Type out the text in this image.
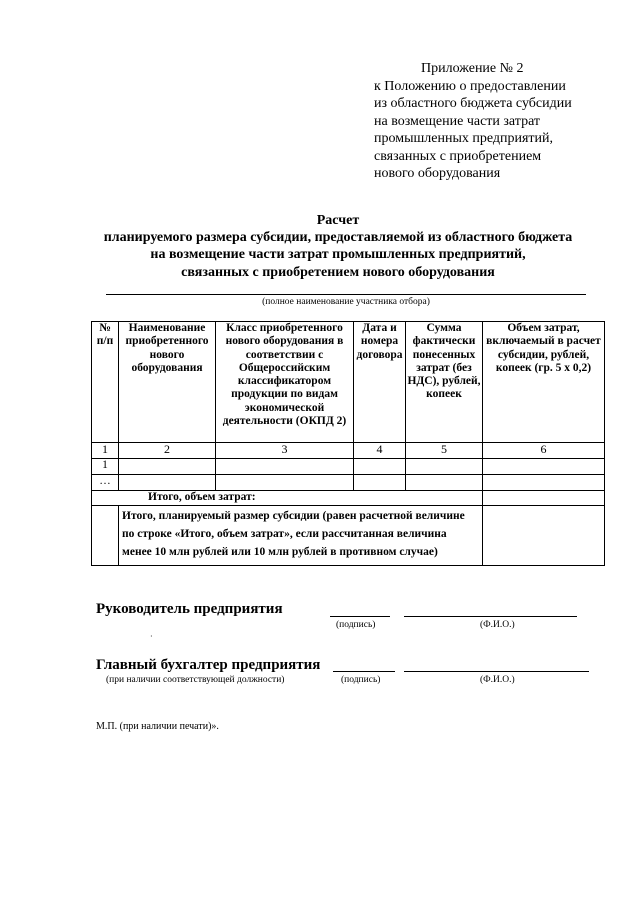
Приложение № 2
к Положению о предоставлении
из областного бюджета субсидии
на возмещение части затрат
промышленных предприятий,
связанных с приобретением
нового оборудования
Расчет
планируемого размера субсидии, предоставляемой из областного бюджета
на возмещение части затрат промышленных предприятий,
связанных с приобретением нового оборудования
(полное наименование участника отбора)
№ п/п	Наименование приобретенного нового оборудования	Класс приобретенного нового оборудования в соответствии с Общероссийским классификатором продукции по видам экономической деятельности (ОКПД 2)	Дата и номера договора	Сумма фактически понесенных затрат (без НДС), рублей, копеек	Объем затрат, включаемый в расчет субсидии, рублей, копеек (гр. 5 х 0,2)
1	2	3	4	5	6
1					
…					
Итого, объем затрат:					
	Итого, планируемый размер субсидии (равен расчетной величине по строке «Итого, объем затрат», если рассчитанная величина менее 10 млн рублей или 10 млн рублей в противном случае)				
Руководитель предприятия
·
(подпись)	(Ф.И.О.)
Главный бухгалтер предприятия
(при наличии соответствующей должности)	(подпись)	(Ф.И.О.)
М.П. (при наличии печати)».
